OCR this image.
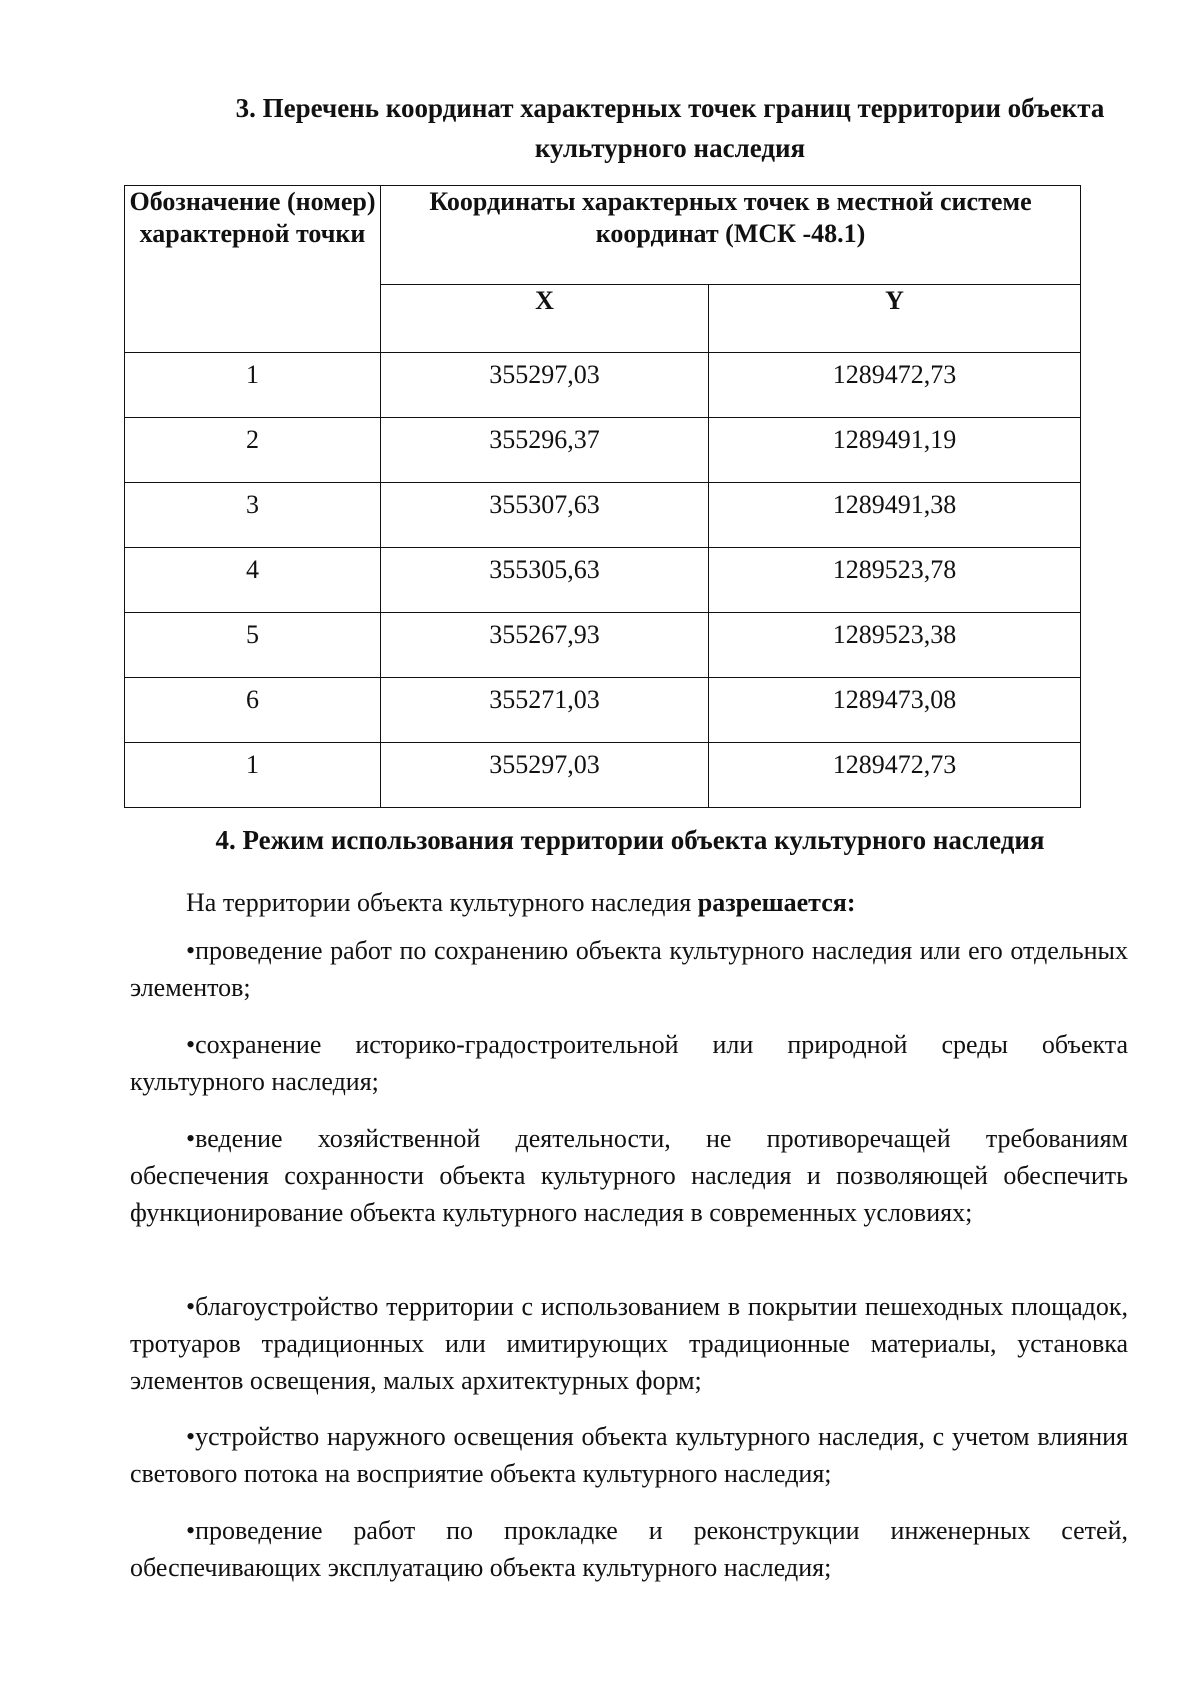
3. Перечень координат характерных точек границ территории объекта культурного наследия
Обозначение (номер) характерной точки	Координаты характерных точек в местной системе координат (МСК -48.1)	
	X	Y
1	355297,03	1289472,73
2	355296,37	1289491,19
3	355307,63	1289491,38
4	355305,63	1289523,78
5	355267,93	1289523,38
6	355271,03	1289473,08
1	355297,03	1289472,73
4. Режим использования территории объекта культурного наследия

На территории объекта культурного наследия разрешается:

•проведение работ по сохранению объекта культурного наследия или его отдельных элементов;

•сохранение историко-градостроительной или природной среды объекта культурного наследия;

•ведение хозяйственной деятельности, не противоречащей требованиям обеспечения сохранности объекта культурного наследия и позволяющей обеспечить функционирование объекта культурного наследия в современных условиях;

•благоустройство территории с использованием в покрытии пешеходных площадок, тротуаров традиционных или имитирующих традиционные материалы, установка элементов освещения, малых архитектурных форм;

•устройство наружного освещения объекта культурного наследия, с учетом влияния светового потока на восприятие объекта культурного наследия;

•проведение работ по прокладке и реконструкции инженерных сетей, обеспечивающих эксплуатацию объекта культурного наследия;
